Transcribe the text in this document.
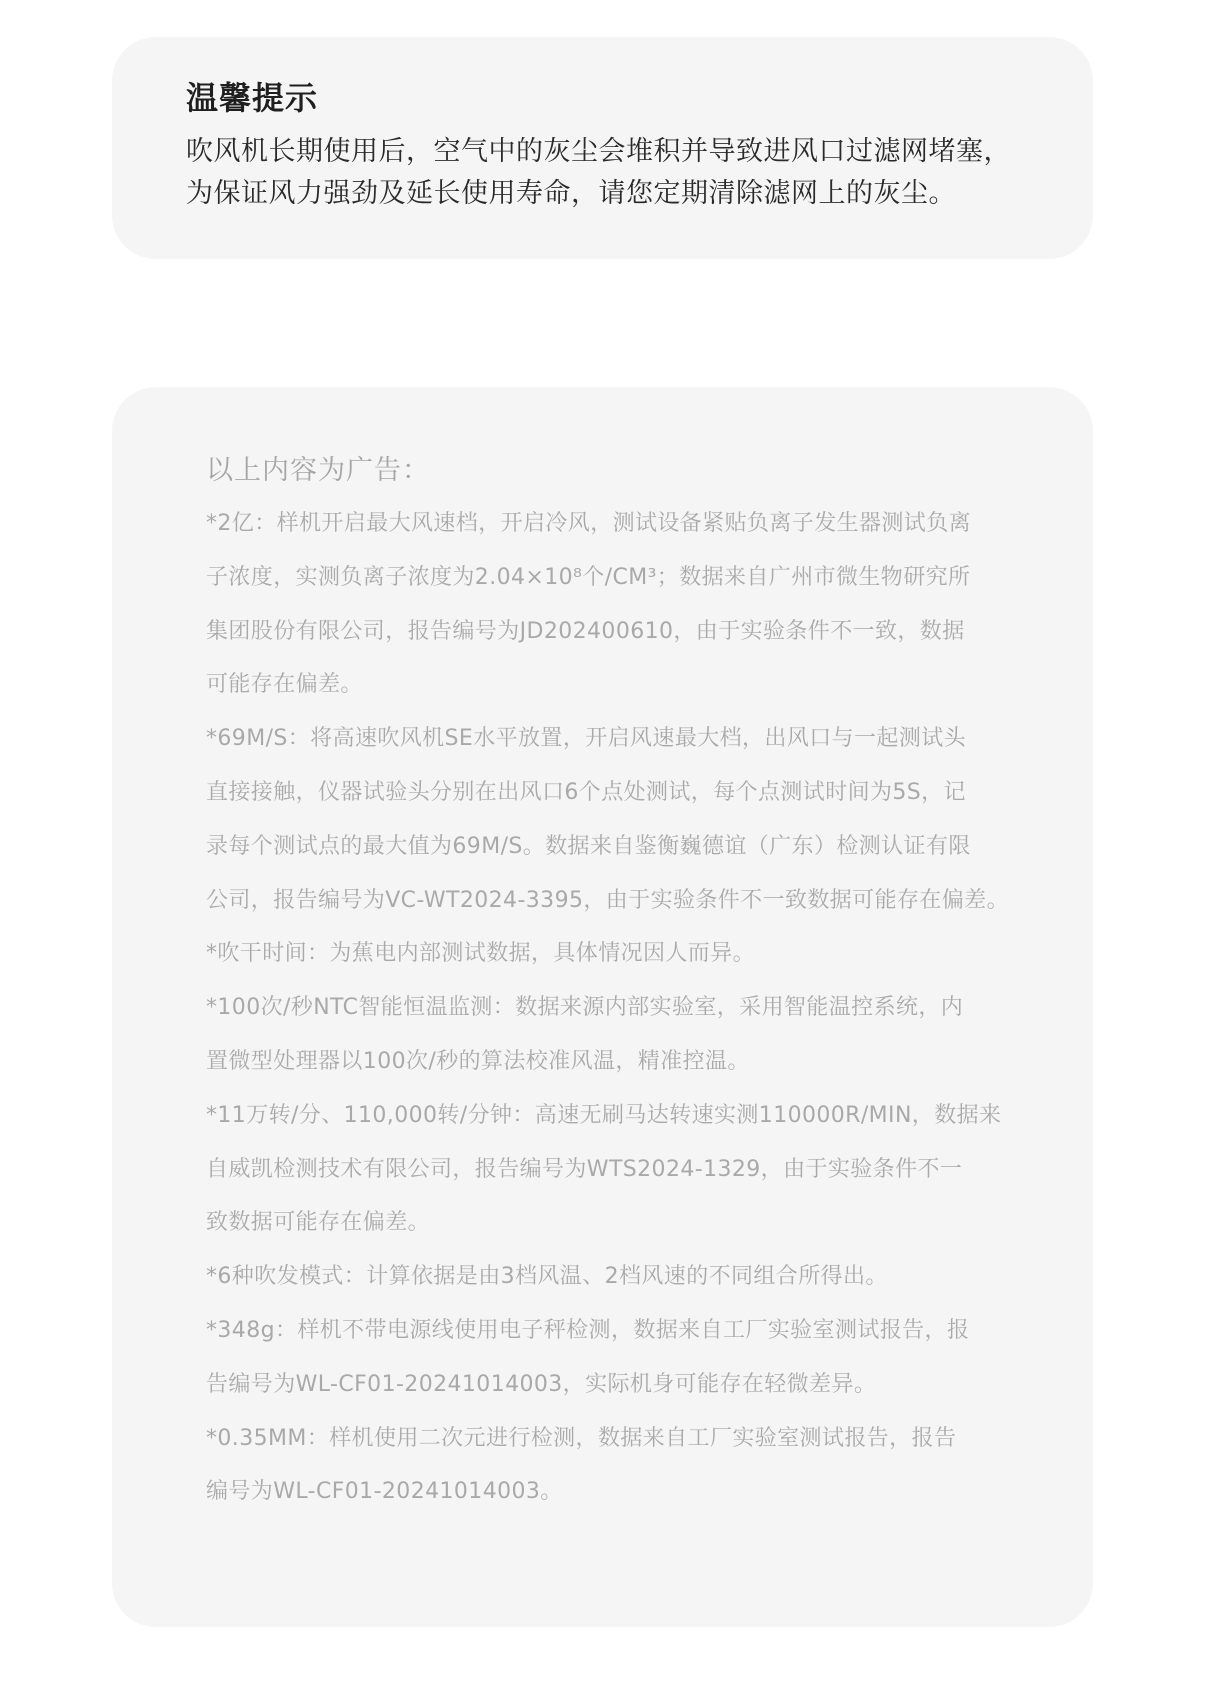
温馨提示

吹风机长期使用后，空气中的灰尘会堆积并导致进风口过滤网堵塞，
为保证风力强劲及延长使用寿命，请您定期清除滤网上的灰尘。

以上内容为广告：

*2亿：样机开启最大风速档，开启冷风，测试设备紧贴负离子发生器测试负离
子浓度，实测负离子浓度为2.04×10⁸个/CM³；数据来自广州市微生物研究所
集团股份有限公司，报告编号为JD202400610，由于实验条件不一致，数据
可能存在偏差。
*69M/S：将高速吹风机SE水平放置，开启风速最大档，出风口与一起测试头
直接接触，仪器试验头分别在出风口6个点处测试，每个点测试时间为5S，记
录每个测试点的最大值为69M/S。数据来自鉴衡巍德谊（广东）检测认证有限
公司，报告编号为VC-WT2024-3395，由于实验条件不一致数据可能存在偏差。
*吹干时间：为蕉电内部测试数据，具体情况因人而异。
*100次/秒NTC智能恒温监测：数据来源内部实验室，采用智能温控系统，内
置微型处理器以100次/秒的算法校准风温，精准控温。
*11万转/分、110,000转/分钟：高速无刷马达转速实测110000R/MIN，数据来
自威凯检测技术有限公司，报告编号为WTS2024-1329，由于实验条件不一
致数据可能存在偏差。
*6种吹发模式：计算依据是由3档风温、2档风速的不同组合所得出。
*348g：样机不带电源线使用电子秤检测，数据来自工厂实验室测试报告，报
告编号为WL-CF01-20241014003，实际机身可能存在轻微差异。
*0.35MM：样机使用二次元进行检测，数据来自工厂实验室测试报告，报告
编号为WL-CF01-20241014003。
